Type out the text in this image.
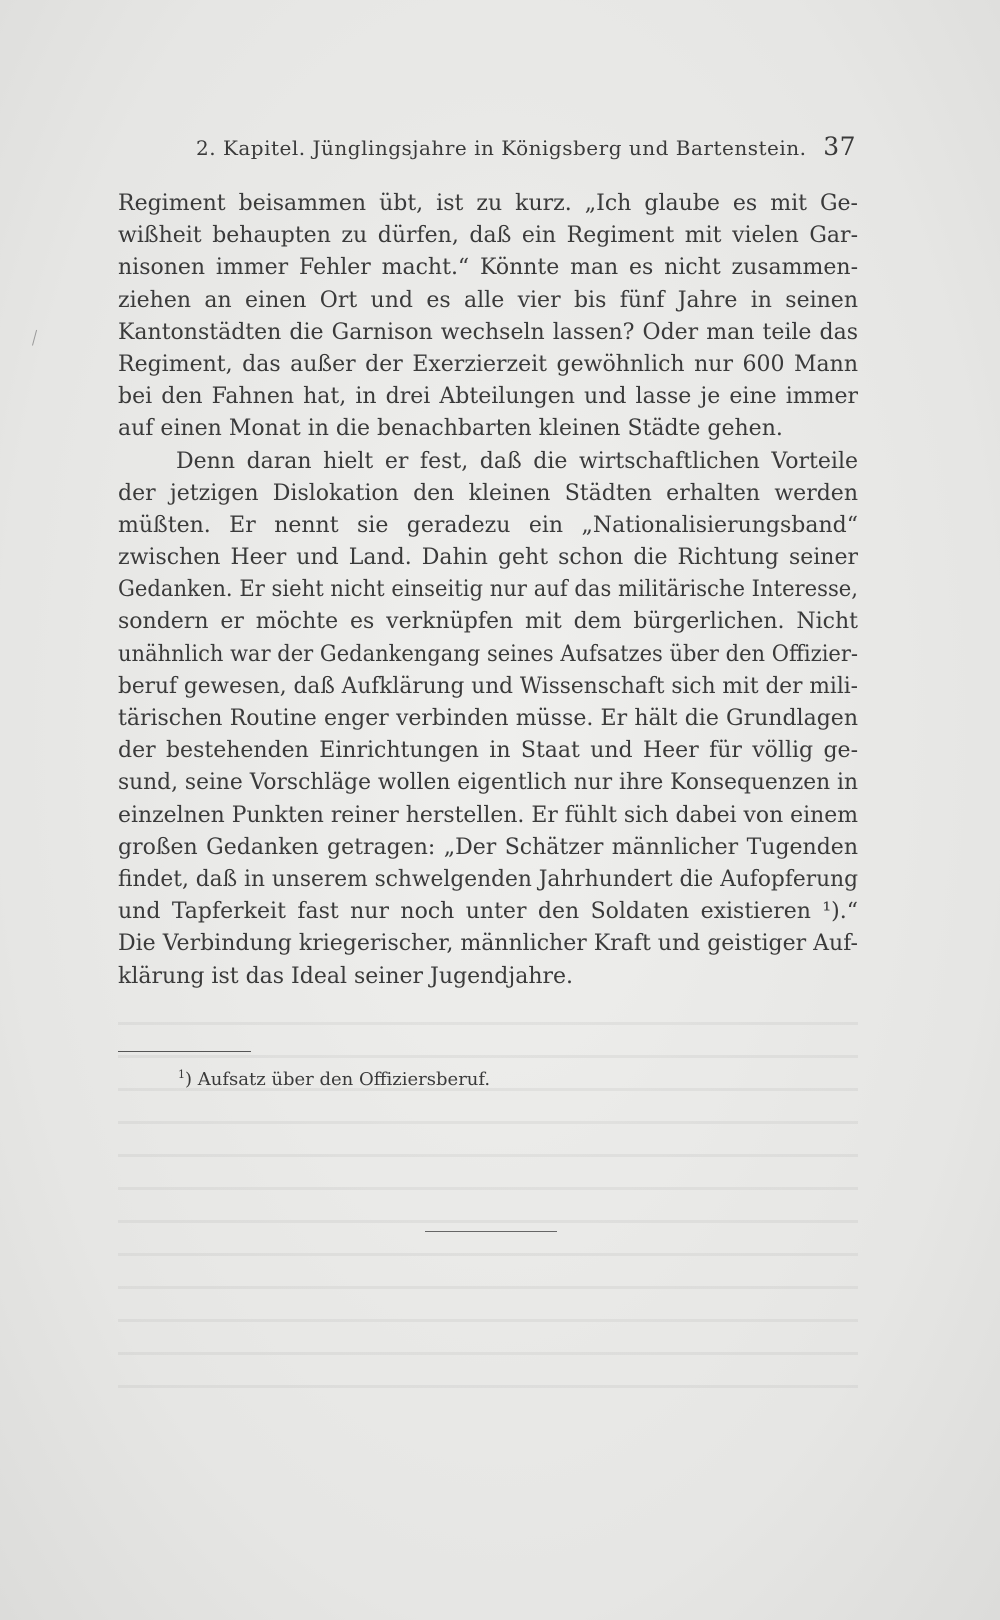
2. Kapitel. Jünglingsjahre in Königsberg und Bartenstein. 37
Regiment beisammen übt, ist zu kurz. „Ich glaube es mit Ge-
wißheit behaupten zu dürfen, daß ein Regiment mit vielen Gar-
nisonen immer Fehler macht.“ Könnte man es nicht zusammen-
ziehen an einen Ort und es alle vier bis fünf Jahre in seinen
Kantonstädten die Garnison wechseln lassen? Oder man teile das
Regiment, das außer der Exerzierzeit gewöhnlich nur 600 Mann
bei den Fahnen hat, in drei Abteilungen und lasse je eine immer
auf einen Monat in die benachbarten kleinen Städte gehen.
Denn daran hielt er fest, daß die wirtschaftlichen Vorteile
der jetzigen Dislokation den kleinen Städten erhalten werden
müßten. Er nennt sie geradezu ein „Nationalisierungsband“
zwischen Heer und Land. Dahin geht schon die Richtung seiner
Gedanken. Er sieht nicht einseitig nur auf das militärische Interesse,
sondern er möchte es verknüpfen mit dem bürgerlichen. Nicht
unähnlich war der Gedankengang seines Aufsatzes über den Offizier-
beruf gewesen, daß Aufklärung und Wissenschaft sich mit der mili-
tärischen Routine enger verbinden müsse. Er hält die Grundlagen
der bestehenden Einrichtungen in Staat und Heer für völlig ge-
sund, seine Vorschläge wollen eigentlich nur ihre Konsequenzen in
einzelnen Punkten reiner herstellen. Er fühlt sich dabei von einem
großen Gedanken getragen: „Der Schätzer männlicher Tugenden
findet, daß in unserem schwelgenden Jahrhundert die Aufopferung
und Tapferkeit fast nur noch unter den Soldaten existieren ¹).“
Die Verbindung kriegerischer, männlicher Kraft und geistiger Auf-
klärung ist das Ideal seiner Jugendjahre.
$^1$) Aufsatz über den Offiziersberuf.
